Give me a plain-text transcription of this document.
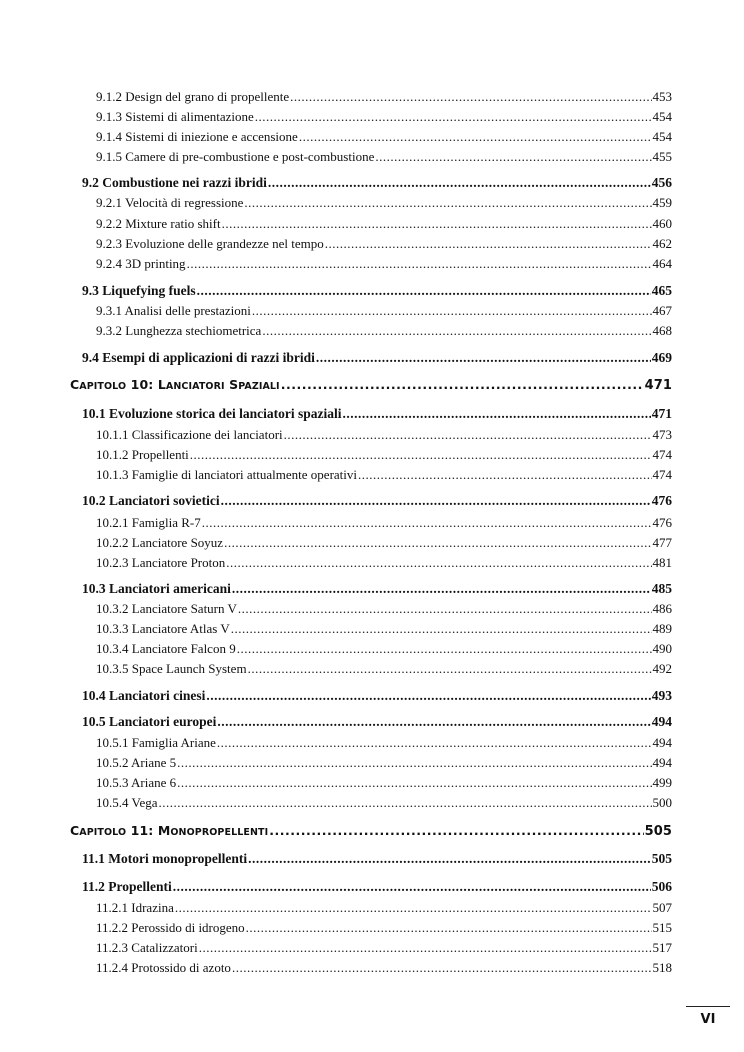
9.1.2 Design del grano di propellente .....	453
9.1.3 Sistemi di alimentazione .....	454
9.1.4 Sistemi di iniezione e accensione .....	454
9.1.5 Camere di pre-combustione e post-combustione .....	455
9.2 Combustione nei razzi ibridi .....	456
9.2.1 Velocità di regressione .....	459
9.2.2 Mixture ratio shift .....	460
9.2.3 Evoluzione delle grandezze nel tempo .....	462
9.2.4 3D printing .....	464
9.3 Liquefying fuels .....	465
9.3.1 Analisi delle prestazioni .....	467
9.3.2 Lunghezza stechiometrica .....	468
9.4 Esempi di applicazioni di razzi ibridi .....	469
CAPITOLO 10: LANCIATORI SPAZIALI .....	471
10.1 Evoluzione storica dei lanciatori spaziali .....	471
10.1.1 Classificazione dei lanciatori .....	473
10.1.2 Propellenti .....	474
10.1.3 Famiglie di lanciatori attualmente operativi .....	474
10.2 Lanciatori sovietici .....	476
10.2.1 Famiglia R-7 .....	476
10.2.2 Lanciatore Soyuz .....	477
10.2.3 Lanciatore Proton .....	481
10.3 Lanciatori americani .....	485
10.3.2 Lanciatore Saturn V .....	486
10.3.3 Lanciatore Atlas V .....	489
10.3.4 Lanciatore Falcon 9 .....	490
10.3.5 Space Launch System .....	492
10.4 Lanciatori cinesi .....	493
10.5 Lanciatori europei .....	494
10.5.1 Famiglia Ariane .....	494
10.5.2 Ariane 5 .....	494
10.5.3 Ariane 6 .....	499
10.5.4 Vega .....	500
CAPITOLO 11: MONOPROPELLENTI .....	505
11.1 Motori monopropellenti .....	505
11.2 Propellenti .....	506
11.2.1 Idrazina .....	507
11.2.2 Perossido di idrogeno .....	515
11.2.3 Catalizzatori .....	517
11.2.4 Protossido di azoto .....	518
VI
